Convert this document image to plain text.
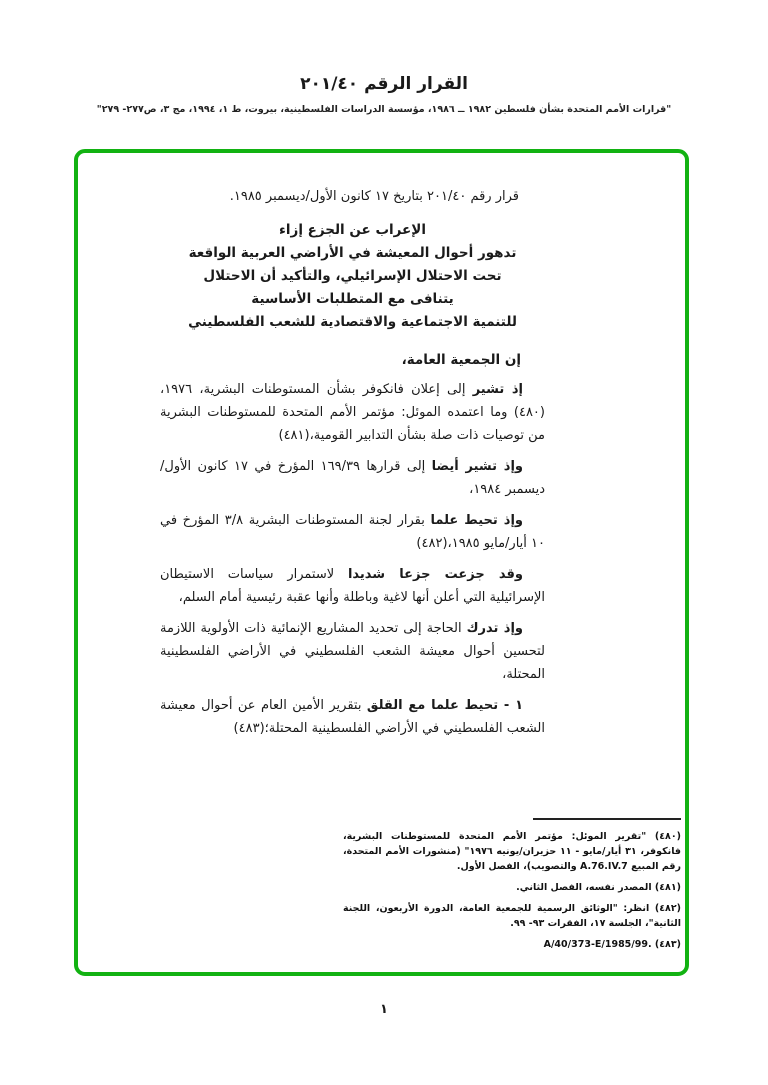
القرار الرقم ٢٠١/٤٠
"قرارات الأمم المتحدة بشأن فلسطين ١٩٨٢ ــ ١٩٨٦، مؤسسة الدراسات الفلسطينية، بيروت، ط ١، ١٩٩٤، مج ٣، ص٢٧٧- ٢٧٩"

قرار رقم ٢٠١/٤٠ بتاريخ ١٧ كانون الأول/ديسمبر ١٩٨٥.

الإعراب عن الجزع إزاء
تدهور أحوال المعيشة في الأراضي العربية الواقعة
تحت الاحتلال الإسرائيلي، والتأكيد أن الاحتلال
يتنافى مع المتطلبات الأساسية
للتنمية الاجتماعية والاقتصادية للشعب الفلسطيني

إن الجمعية العامة،

إذ تشير إلى إعلان فانكوفر بشأن المستوطنات البشرية، ١٩٧٦،(٤٨٠) وما اعتمده الموئل: مؤتمر الأمم المتحدة للمستوطنات البشرية من توصيات ذات صلة بشأن التدابير القومية،(٤٨١)

وإذ تشير أيضا إلى قرارها ١٦٩/٣٩ المؤرخ في ١٧ كانون الأول/ديسمبر ١٩٨٤،

وإذ تحيط علما بقرار لجنة المستوطنات البشرية ٣/٨ المؤرخ في ١٠ أيار/مايو ١٩٨٥،(٤٨٢)

وقد جزعت جزعا شديدا لاستمرار سياسات الاستيطان الإسرائيلية التي أعلن أنها لاغية وباطلة وأنها عقبة رئيسية أمام السلم،

وإذ تدرك الحاجة إلى تحديد المشاريع الإنمائية ذات الأولوية اللازمة لتحسين أحوال معيشة الشعب الفلسطيني في الأراضي الفلسطينية المحتلة،

١ - تحيط علما مع القلق بتقرير الأمين العام عن أحوال معيشة الشعب الفلسطيني في الأراضي الفلسطينية المحتلة؛(٤٨٣)

(٤٨٠) "تقرير الموئل: مؤتمر الأمم المتحدة للمستوطنات البشرية، فانكوفر، ٣١ أيار/مايو - ١١ حزيران/يونيه ١٩٧٦" (منشورات الأمم المتحدة، رقم المبيع A.76.IV.7 والتصويب)، الفصل الأول.

(٤٨١) المصدر نفسه، الفصل الثاني.

(٤٨٢) انظر: "الوثائق الرسمية للجمعية العامة، الدورة الأربعون، اللجنة الثانية"، الجلسة ١٧، الفقرات ٩٣- ٩٩.

(٤٨٣) A/40/373-E/1985/99.‎

١
